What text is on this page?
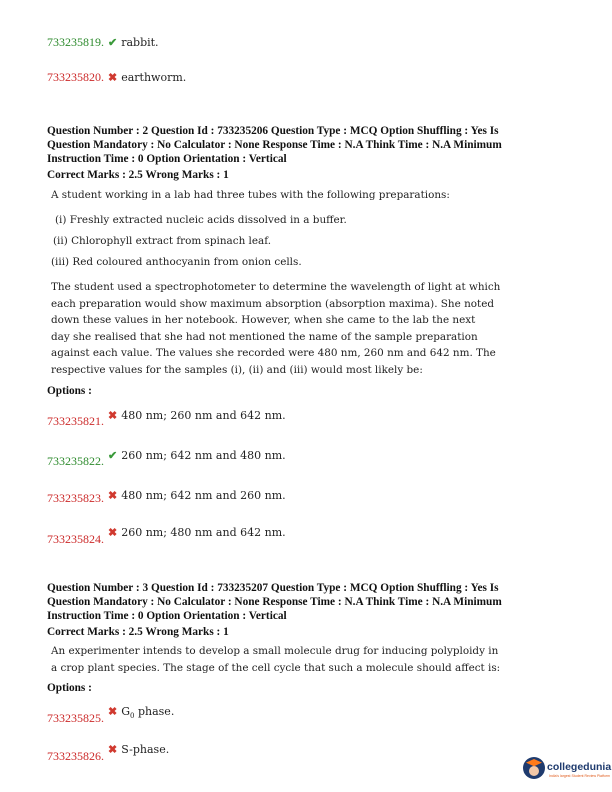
733235819. ✔ rabbit.
733235820. ✖ earthworm.
Question Number : 2 Question Id : 733235206 Question Type : MCQ Option Shuffling : Yes Is
Question Mandatory : No Calculator : None Response Time : N.A Think Time : N.A Minimum
Instruction Time : 0 Option Orientation : Vertical
Correct Marks : 2.5 Wrong Marks : 1
A student working in a lab had three tubes with the following preparations:
(i) Freshly extracted nucleic acids dissolved in a buffer.
(ii) Chlorophyll extract from spinach leaf.
(iii) Red coloured anthocyanin from onion cells.
The student used a spectrophotometer to determine the wavelength of light at which
each preparation would show maximum absorption (absorption maxima). She noted
down these values in her notebook. However, when she came to the lab the next
day she realised that she had not mentioned the name of the sample preparation
against each value. The values she recorded were 480 nm, 260 nm and 642 nm. The
respective values for the samples (i), (ii) and (iii) would most likely be:
Options :
$_{733235821.}$ ✖ 480 nm; 260 nm and 642 nm.
$_{733235822.}$ ✔ 260 nm; 642 nm and 480 nm.
733235823. ✖ 480 nm; 642 nm and 260 nm.
$_{733235824.}$ ✖ 260 nm; 480 nm and 642 nm.
Question Number : 3 Question Id : 733235207 Question Type : MCQ Option Shuffling : Yes Is
Question Mandatory : No Calculator : None Response Time : N.A Think Time : N.A Minimum
Instruction Time : 0 Option Orientation : Vertical
Correct Marks : 2.5 Wrong Marks : 1
An experimenter intends to develop a small molecule drug for inducing polyploidy in
a crop plant species. The stage of the cell cycle that such a molecule should affect is:
Options :
$_{733235825.}$ ✖ $G_0$ phase.
$_{733235826.}$ ✖ S-phase.
collegedunia
India's largest Student Review Platform
